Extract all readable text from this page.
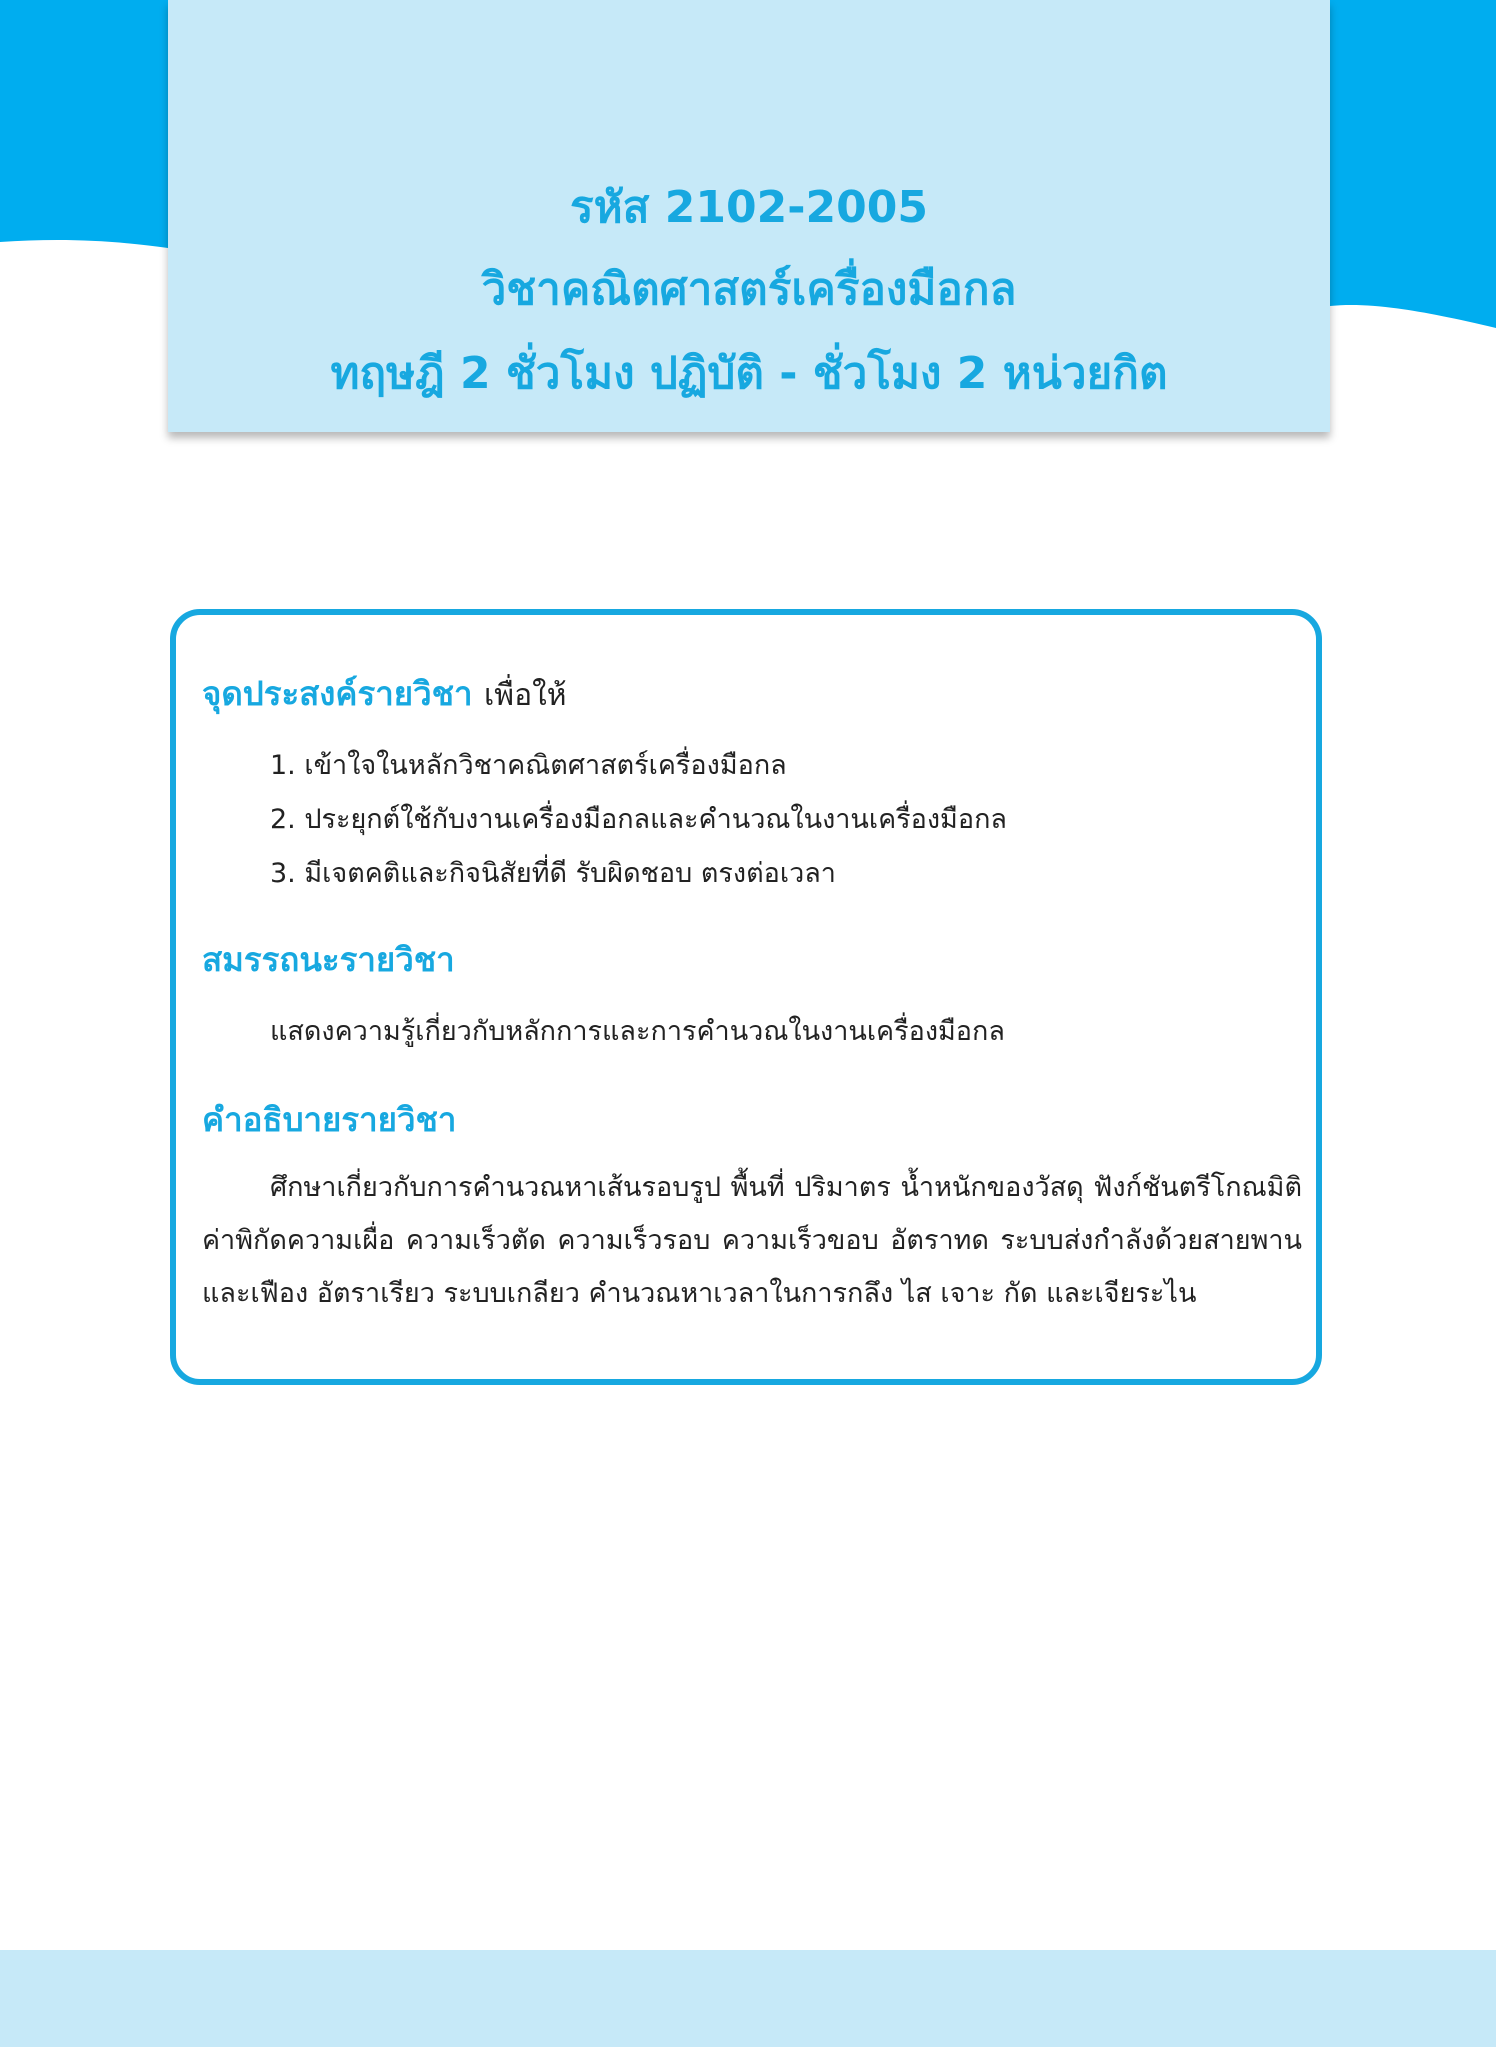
รหัส 2102-2005
วิชาคณิตศาสตร์เครื่องมือกล
ทฤษฎี 2 ชั่วโมง ปฏิบัติ - ชั่วโมง 2 หน่วยกิต
จุดประสงค์รายวิชา เพื่อให้
1. เข้าใจในหลักวิชาคณิตศาสตร์เครื่องมือกล
2. ประยุกต์ใช้กับงานเครื่องมือกลและคำนวณในงานเครื่องมือกล
3. มีเจตคติและกิจนิสัยที่ดี รับผิดชอบ ตรงต่อเวลา
สมรรถนะรายวิชา
แสดงความรู้เกี่ยวกับหลักการและการคำนวณในงานเครื่องมือกล
คำอธิบายรายวิชา
ศึกษาเกี่ยวกับการคำนวณหาเส้นรอบรูป พื้นที่ ปริมาตร น้ำหนักของวัสดุ ฟังก์ชันตรีโกณมิติ ค่าพิกัดความเผื่อ ความเร็วตัด ความเร็วรอบ ความเร็วขอบ อัตราทด ระบบส่งกำลังด้วยสายพานและเฟือง อัตราเรียว ระบบเกลียว คำนวณหาเวลาในการกลึง ไส เจาะ กัด และเจียระไน
